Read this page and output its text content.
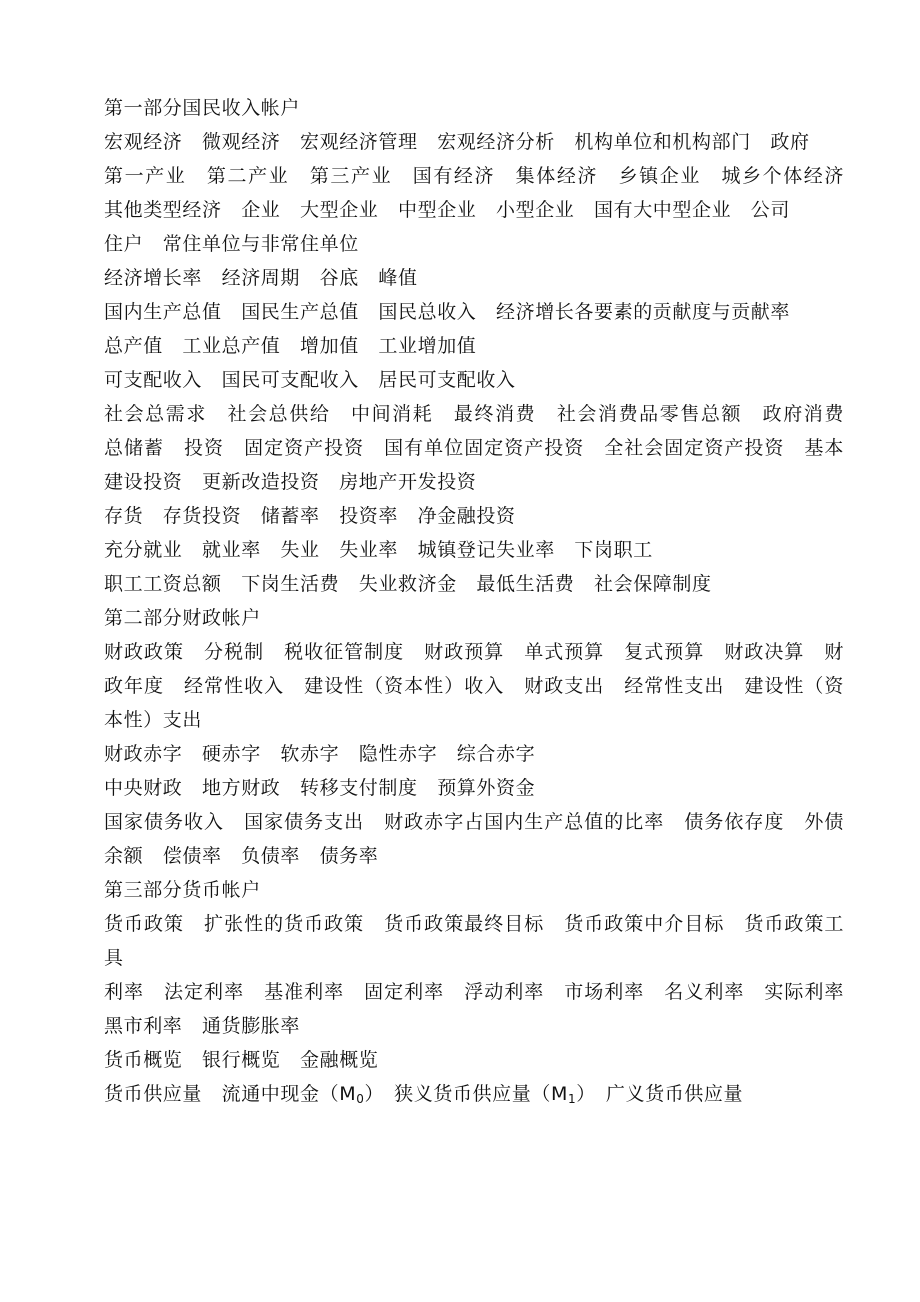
第一部分国民收入帐户
宏观经济　微观经济　宏观经济管理　宏观经济分析　机构单位和机构部门　政府
第一产业　第二产业　第三产业　国有经济　集体经济　乡镇企业　城乡个体经济　其他类型经济　企业　大型企业　中型企业　小型企业　国有大中型企业　公司
住户　常住单位与非常住单位
经济增长率　经济周期　谷底　峰值
国内生产总值　国民生产总值　国民总收入　经济增长各要素的贡献度与贡献率
总产值　工业总产值　增加值　工业增加值
可支配收入　国民可支配收入　居民可支配收入
社会总需求　社会总供给　中间消耗　最终消费　社会消费品零售总额　政府消费　总储蓄　投资　固定资产投资　国有单位固定资产投资　全社会固定资产投资　基本建设投资　更新改造投资　房地产开发投资
存货　存货投资　储蓄率　投资率　净金融投资
充分就业　就业率　失业　失业率　城镇登记失业率　下岗职工
职工工资总额　下岗生活费　失业救济金　最低生活费　社会保障制度
第二部分财政帐户
财政政策　分税制　税收征管制度　财政预算　单式预算　复式预算　财政决算　财政年度　经常性收入　建设性（资本性）收入　财政支出　经常性支出　建设性（资本性）支出
财政赤字　硬赤字　软赤字　隐性赤字　综合赤字
中央财政　地方财政　转移支付制度　预算外资金
国家债务收入　国家债务支出　财政赤字占国内生产总值的比率　债务依存度　外债余额　偿债率　负债率　债务率
第三部分货币帐户
货币政策　扩张性的货币政策　货币政策最终目标　货币政策中介目标　货币政策工具
利率　法定利率　基准利率　固定利率　浮动利率　市场利率　名义利率　实际利率　黑市利率　通货膨胀率
货币概览　银行概览　金融概览
货币供应量　流通中现金$(M_0)$　狭义货币供应量$(M_1)$　广义货币供应量
